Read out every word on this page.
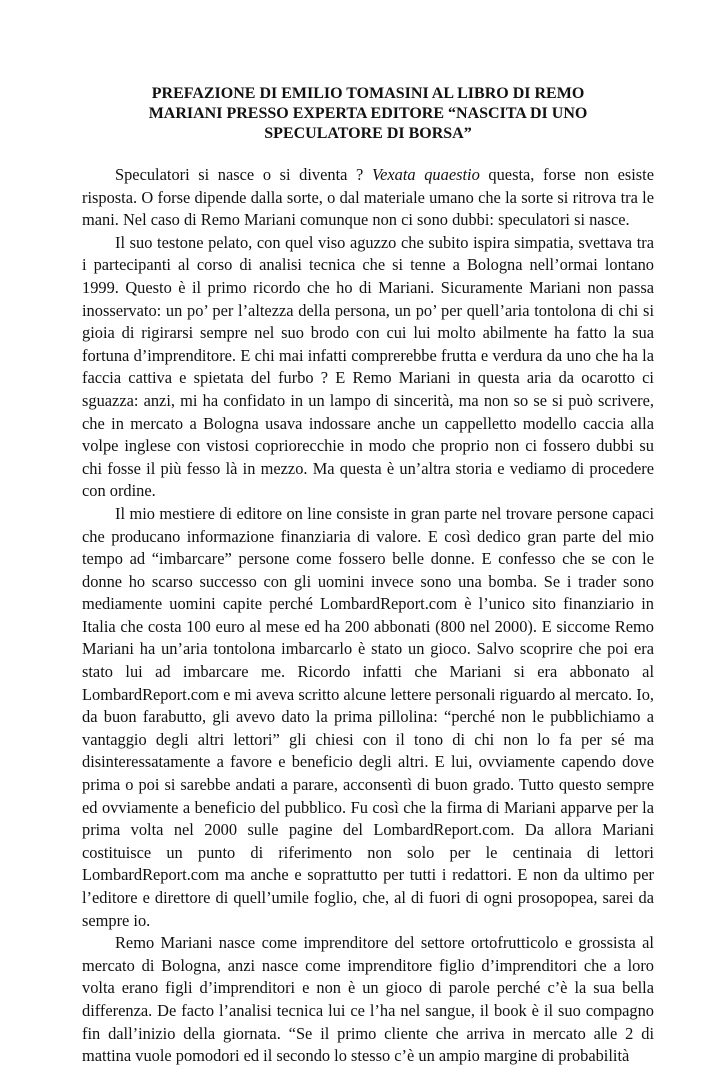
PREFAZIONE DI EMILIO TOMASINI AL LIBRO DI REMO
MARIANI PRESSO EXPERTA EDITORE “NASCITA DI UNO
SPECULATORE DI BORSA”

Speculatori si nasce o si diventa ? Vexata quaestio questa, forse non esiste risposta. O forse dipende dalla sorte, o dal materiale umano che la sorte si ritrova tra le mani. Nel caso di Remo Mariani comunque non ci sono dubbi: speculatori si nasce.

Il suo testone pelato, con quel viso aguzzo che subito ispira simpatia, svettava tra i partecipanti al corso di analisi tecnica che si tenne a Bologna nell’ormai lontano 1999. Questo è il primo ricordo che ho di Mariani. Sicuramente Mariani non passa inosservato: un po’ per l’altezza della persona, un po’ per quell’aria tontolona di chi si gioia di rigirarsi sempre nel suo brodo con cui lui molto abilmente ha fatto la sua fortuna d’imprenditore. E chi mai infatti comprerebbe frutta e verdura da uno che ha la faccia cattiva e spietata del furbo ? E Remo Mariani in questa aria da ocarotto ci sguazza: anzi, mi ha confidato in un lampo di sincerità, ma non so se si può scrivere, che in mercato a Bologna usava indossare anche un cappelletto modello caccia alla volpe inglese con vistosi copriorecchie in modo che proprio non ci fossero dubbi su chi fosse il più fesso là in mezzo. Ma questa è un’altra storia e vediamo di procedere con ordine.

Il mio mestiere di editore on line consiste in gran parte nel trovare persone capaci che producano informazione finanziaria di valore. E così dedico gran parte del mio tempo ad “imbarcare” persone come fossero belle donne. E confesso che se con le donne ho scarso successo con gli uomini invece sono una bomba. Se i trader sono mediamente uomini capite perché LombardReport.com è l’unico sito finanziario in Italia che costa 100 euro al mese ed ha 200 abbonati (800 nel 2000). E siccome Remo Mariani ha un’aria tontolona imbarcarlo è stato un gioco. Salvo scoprire che poi era stato lui ad imbarcare me. Ricordo infatti che Mariani si era abbonato al LombardReport.com e mi aveva scritto alcune lettere personali riguardo al mercato. Io, da buon farabutto, gli avevo dato la prima pillolina: “perché non le pubblichiamo a vantaggio degli altri lettori” gli chiesi con il tono di chi non lo fa per sé ma disinteressatamente a favore e beneficio degli altri. E lui, ovviamente capendo dove prima o poi si sarebbe andati a parare, acconsentì di buon grado. Tutto questo sempre ed ovviamente a beneficio del pubblico. Fu così che la firma di Mariani apparve per la prima volta nel 2000 sulle pagine del LombardReport.com. Da allora Mariani costituisce un punto di riferimento non solo per le centinaia di lettori LombardReport.com ma anche e soprattutto per tutti i redattori. E non da ultimo per l’editore e direttore di quell’umile foglio, che, al di fuori di ogni prosopopea, sarei da sempre io.

Remo Mariani nasce come imprenditore del settore ortofrutticolo e grossista al mercato di Bologna, anzi nasce come imprenditore figlio d’imprenditori che a loro volta erano figli d’imprenditori e non è un gioco di parole perché c’è la sua bella differenza. De facto l’analisi tecnica lui ce l’ha nel sangue, il book è il suo compagno fin dall’inizio della giornata. “Se il primo cliente che arriva in mercato alle 2 di mattina vuole pomodori ed il secondo lo stesso c’è un ampio margine di probabilità
